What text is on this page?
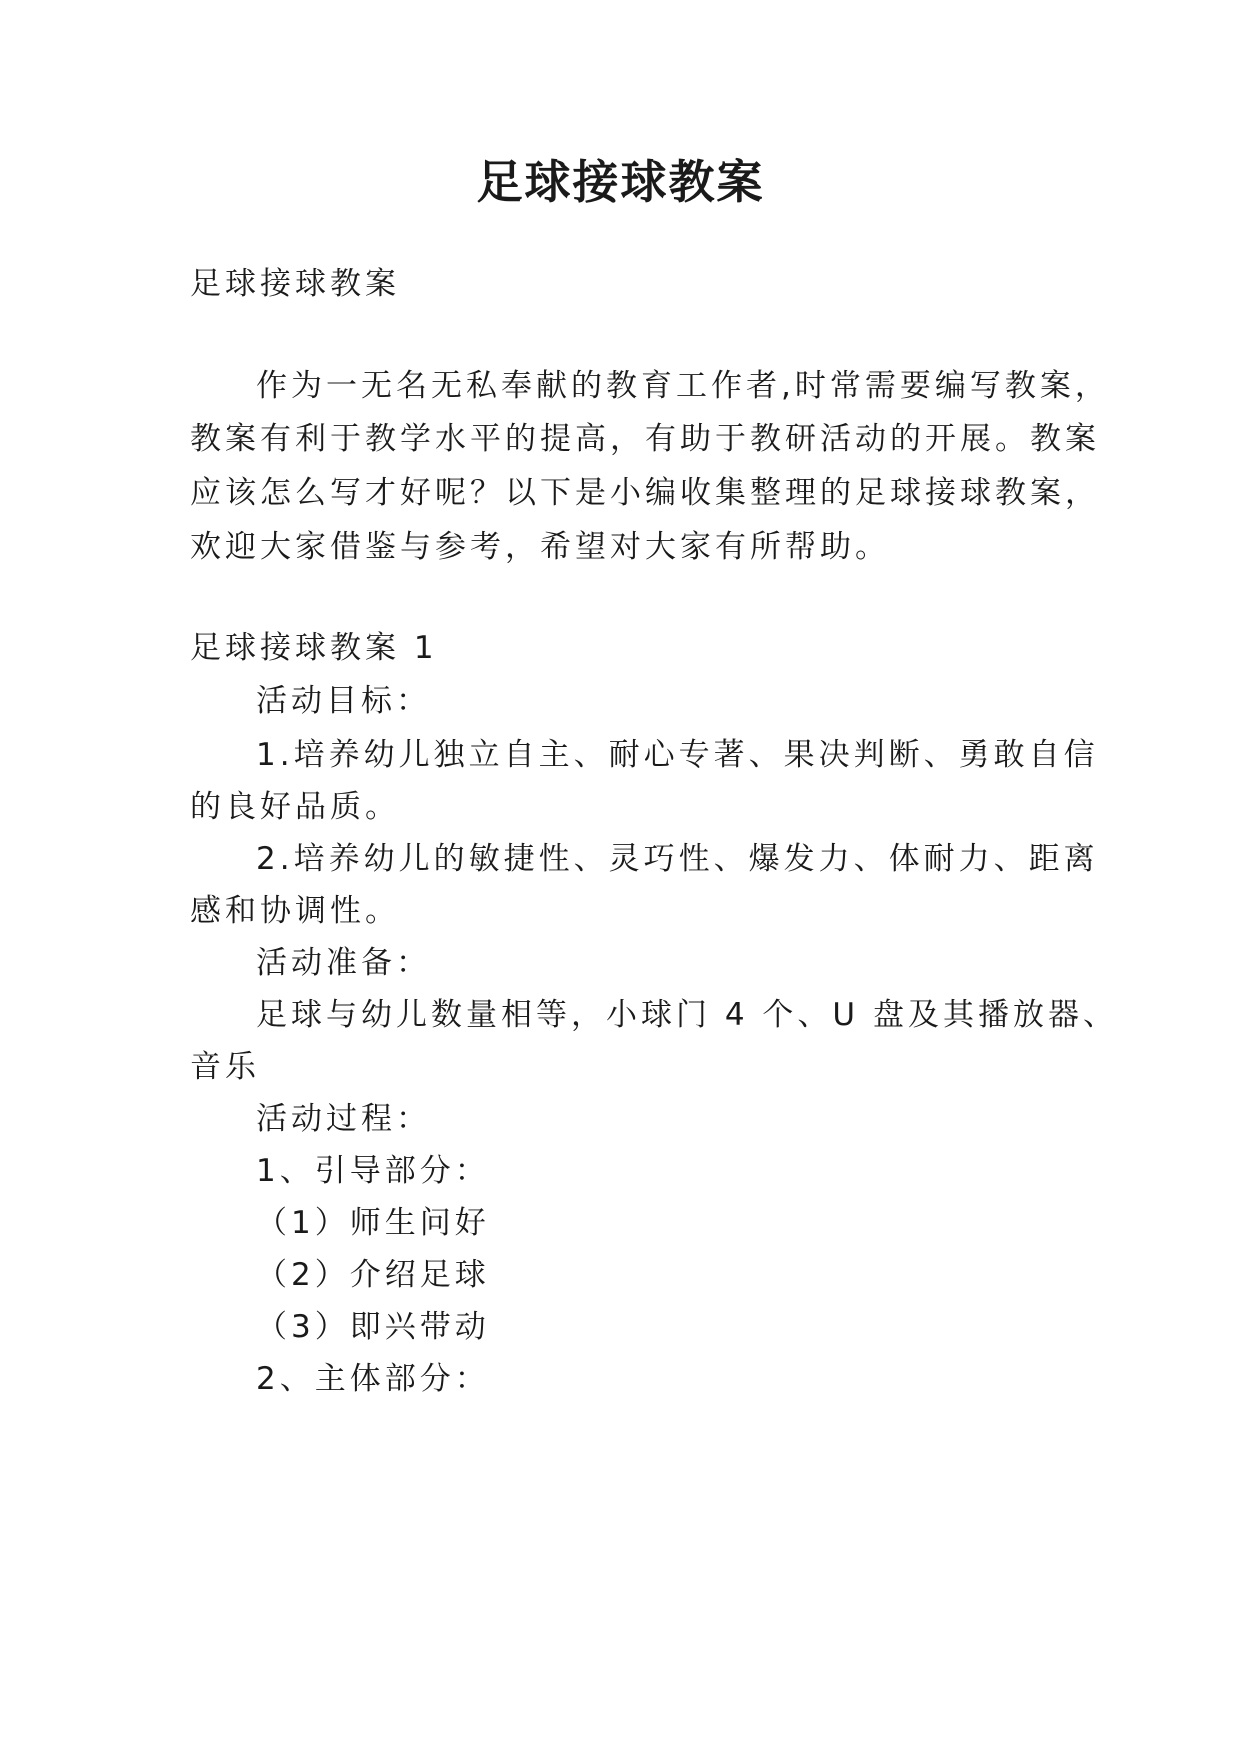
足球接球教案
足球接球教案
作为一无名无私奉献的教育工作者,时常需要编写教案，
教案有利于教学水平的提高，有助于教研活动的开展。教案
应该怎么写才好呢？以下是小编收集整理的足球接球教案，
欢迎大家借鉴与参考，希望对大家有所帮助。
足球接球教案 1
活动目标：
1.培养幼儿独立自主、耐心专著、果决判断、勇敢自信
的良好品质。
2.培养幼儿的敏捷性、灵巧性、爆发力、体耐力、距离
感和协调性。
活动准备：
足球与幼儿数量相等，小球门 4 个、U 盘及其播放器、
音乐
活动过程：
1、引导部分：
（1）师生问好
（2）介绍足球
（3）即兴带动
2、主体部分：
